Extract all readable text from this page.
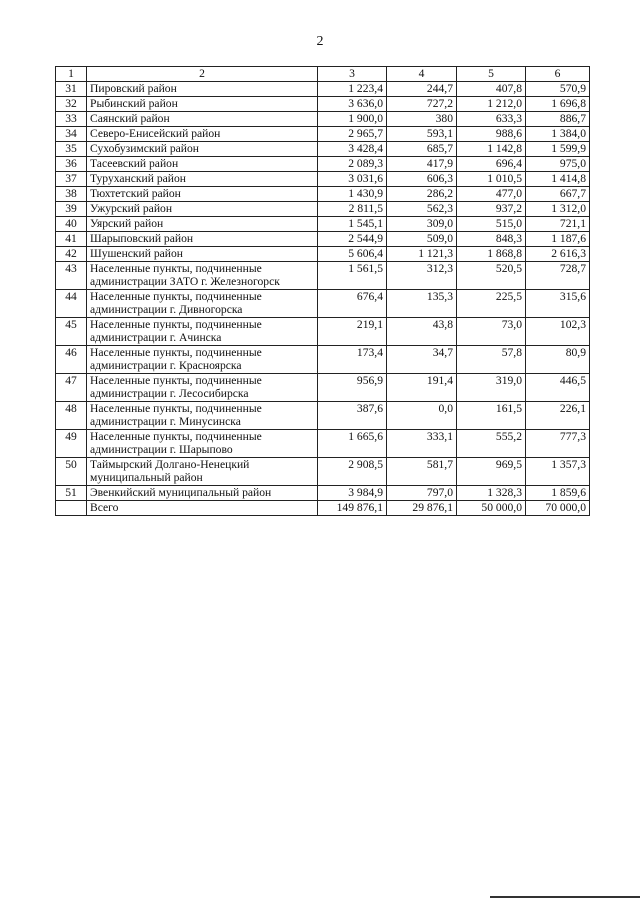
2
1	2	3	4	5	6
31	Пировский район	1 223,4	244,7	407,8	570,9
32	Рыбинский район	3 636,0	727,2	1 212,0	1 696,8
33	Саянский район	1 900,0	380	633,3	886,7
34	Северо-Енисейский район	2 965,7	593,1	988,6	1 384,0
35	Сухобузимский район	3 428,4	685,7	1 142,8	1 599,9
36	Тасеевский район	2 089,3	417,9	696,4	975,0
37	Туруханский район	3 031,6	606,3	1 010,5	1 414,8
38	Тюхтетский район	1 430,9	286,2	477,0	667,7
39	Ужурский район	2 811,5	562,3	937,2	1 312,0
40	Уярский район	1 545,1	309,0	515,0	721,1
41	Шарыповский район	2 544,9	509,0	848,3	1 187,6
42	Шушенский район	5 606,4	1 121,3	1 868,8	2 616,3
43	Населенные пункты, подчиненные администрации ЗАТО г. Железногорск	1 561,5	312,3	520,5	728,7
44	Населенные пункты, подчиненные администрации г. Дивногорска	676,4	135,3	225,5	315,6
45	Населенные пункты, подчиненные администрации г. Ачинска	219,1	43,8	73,0	102,3
46	Населенные пункты, подчиненные администрации г. Красноярска	173,4	34,7	57,8	80,9
47	Населенные пункты, подчиненные администрации г. Лесосибирска	956,9	191,4	319,0	446,5
48	Населенные пункты, подчиненные администрации г. Минусинска	387,6	0,0	161,5	226,1
49	Населенные пункты, подчиненные администрации г. Шарыпово	1 665,6	333,1	555,2	777,3
50	Таймырский Долгано-Ненецкий муниципальный район	2 908,5	581,7	969,5	1 357,3
51	Эвенкийский муниципальный район	3 984,9	797,0	1 328,3	1 859,6
	Всего	149 876,1	29 876,1	50 000,0	70 000,0
